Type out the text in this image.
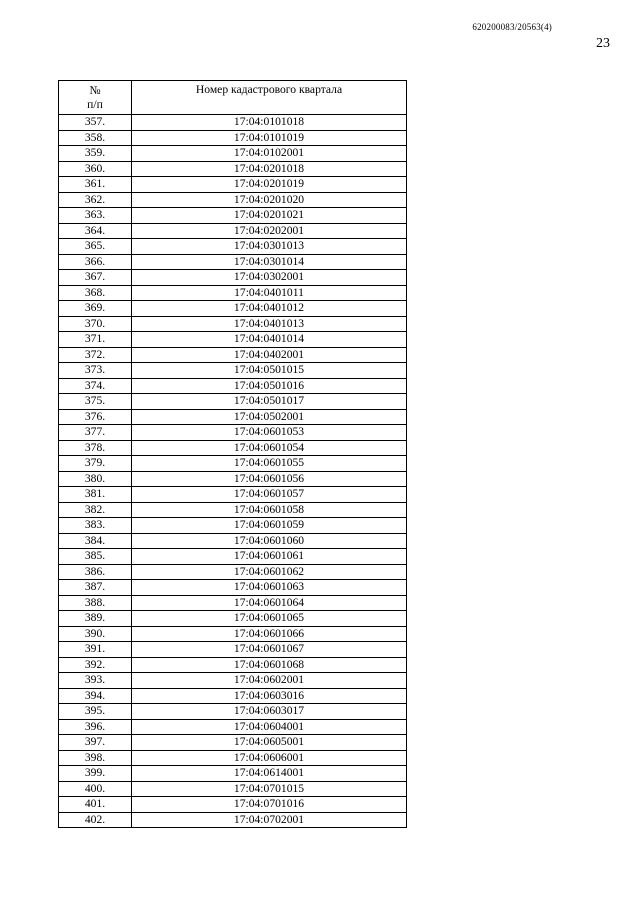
620200083/20563(4)
23
№
п/п	Номер кадастрового квартала
357.	17:04:0101018
358.	17:04:0101019
359.	17:04:0102001
360.	17:04:0201018
361.	17:04:0201019
362.	17:04:0201020
363.	17:04:0201021
364.	17:04:0202001
365.	17:04:0301013
366.	17:04:0301014
367.	17:04:0302001
368.	17:04:0401011
369.	17:04:0401012
370.	17:04:0401013
371.	17:04:0401014
372.	17:04:0402001
373.	17:04:0501015
374.	17:04:0501016
375.	17:04:0501017
376.	17:04:0502001
377.	17:04:0601053
378.	17:04:0601054
379.	17:04:0601055
380.	17:04:0601056
381.	17:04:0601057
382.	17:04:0601058
383.	17:04:0601059
384.	17:04:0601060
385.	17:04:0601061
386.	17:04:0601062
387.	17:04:0601063
388.	17:04:0601064
389.	17:04:0601065
390.	17:04:0601066
391.	17:04:0601067
392.	17:04:0601068
393.	17:04:0602001
394.	17:04:0603016
395.	17:04:0603017
396.	17:04:0604001
397.	17:04:0605001
398.	17:04:0606001
399.	17:04:0614001
400.	17:04:0701015
401.	17:04:0701016
402.	17:04:0702001
